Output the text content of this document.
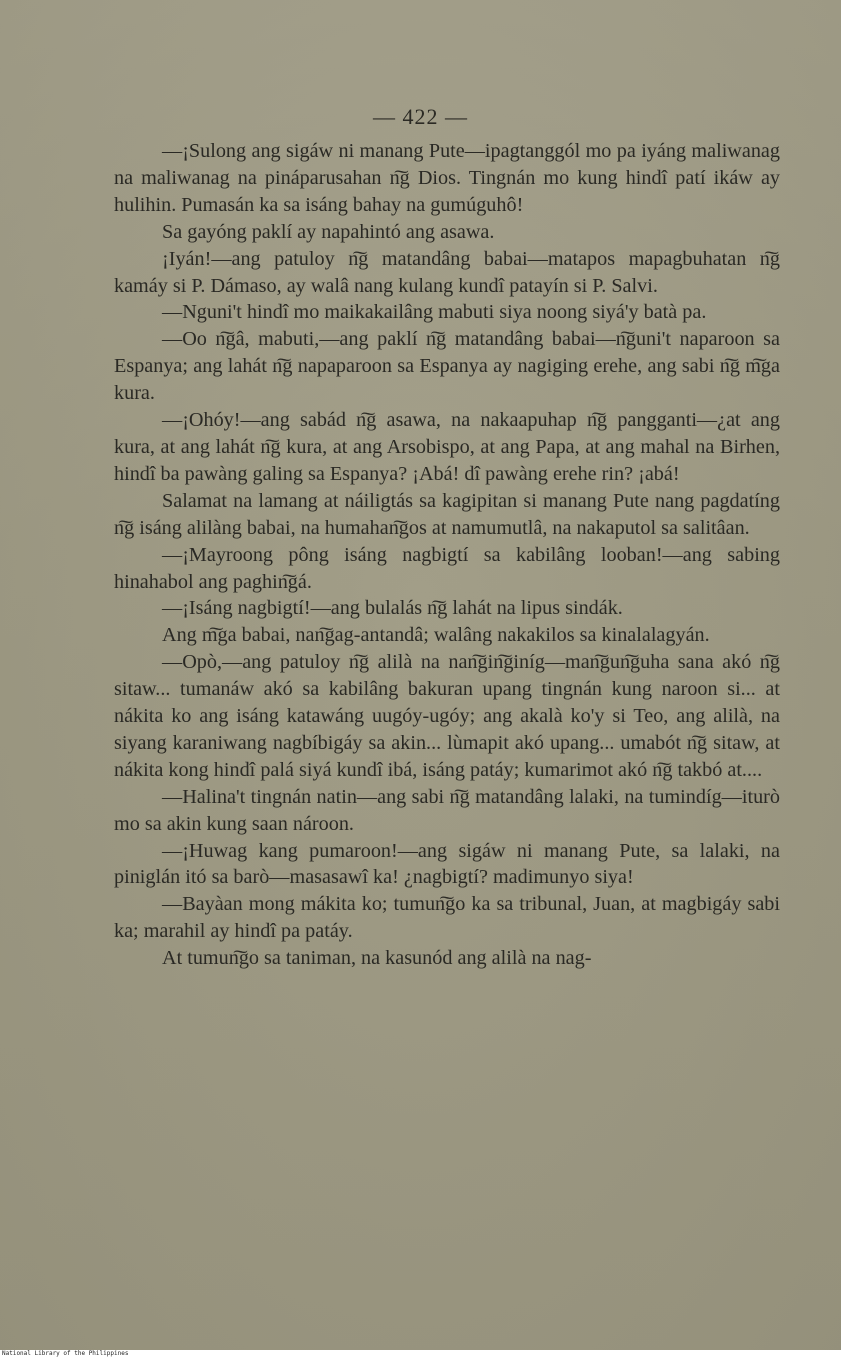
— 422 —

—¡Sulong ang sigáw ni manang Pute—ipagtanggól mo pa iyáng maliwanag na maliwanag na pináparusahan n͠g Dios. Tingnán mo kung hindî patí ikáw ay hulihin. Pumasán ka sa isáng bahay na gumúguhô!

Sa gayóng paklí ay napahintó ang asawa.

¡Iyán!—ang patuloy n͠g matandâng babai—matapos mapagbuhatan n͠g kamáy si P. Dámaso, ay walâ nang kulang kundî patayín si P. Salvi.

—Nguni't hindî mo maikakailâng mabuti siya noong siyá'y batà pa.

—Oo n͠gâ, mabuti,—ang paklí n͠g matandâng babai—n͠guni't naparoon sa Espanya; ang lahát n͠g napaparoon sa Espanya ay nagiging erehe, ang sabi n͠g m͠ga kura.

—¡Ohóy!—ang sabád n͠g asawa, na nakaapuhap n͠g pangganti—¿at ang kura, at ang lahát n͠g kura, at ang Arsobispo, at ang Papa, at ang mahal na Birhen, hindî ba pawàng galing sa Espanya? ¡Abá! dî pawàng erehe rin? ¡abá!

Salamat na lamang at náiligtás sa kagipitan si manang Pute nang pagdatíng n͠g isáng alilàng babai, na humahan͠gos at namumutlâ, na nakaputol sa salitâan.

—¡Mayroong pông isáng nagbigtí sa kabilâng looban!—ang sabing hinahabol ang paghin͠gá.

—¡Isáng nagbigtí!—ang bulalás n͠g lahát na lipus sindák.

Ang m͠ga babai, nan͠gag-antandâ; walâng nakakilos sa kinalalagyán.

—Opò,—ang patuloy n͠g alilà na nan͠gin͠giníg—man͠gun͠guha sana akó n͠g sitaw... tumanáw akó sa kabilâng bakuran upang tingnán kung naroon si... at nákita ko ang isáng katawáng uugóy-ugóy; ang akalà ko'y si Teo, ang alilà, na siyang karaniwang nagbíbigáy sa akin... lùmapit akó upang... umabót n͠g sitaw, at nákita kong hindî palá siyá kundî ibá, isáng patáy; kumarimot akó n͠g takbó at....

—Halina't tingnán natin—ang sabi n͠g matandâng lalaki, na tumindíg—iturò mo sa akin kung saan nároon.

—¡Huwag kang pumaroon!—ang sigáw ni manang Pute, sa lalaki, na piniglán itó sa barò—masasawî ka! ¿nagbigtí? madimunyo siya!

—Bayàan mong mákita ko; tumun͠go ka sa tribunal, Juan, at magbigáy sabi ka; marahil ay hindî pa patáy.

At tumun͠go sa taniman, na kasunód ang alilà na nag-

National Library of the Philippines
